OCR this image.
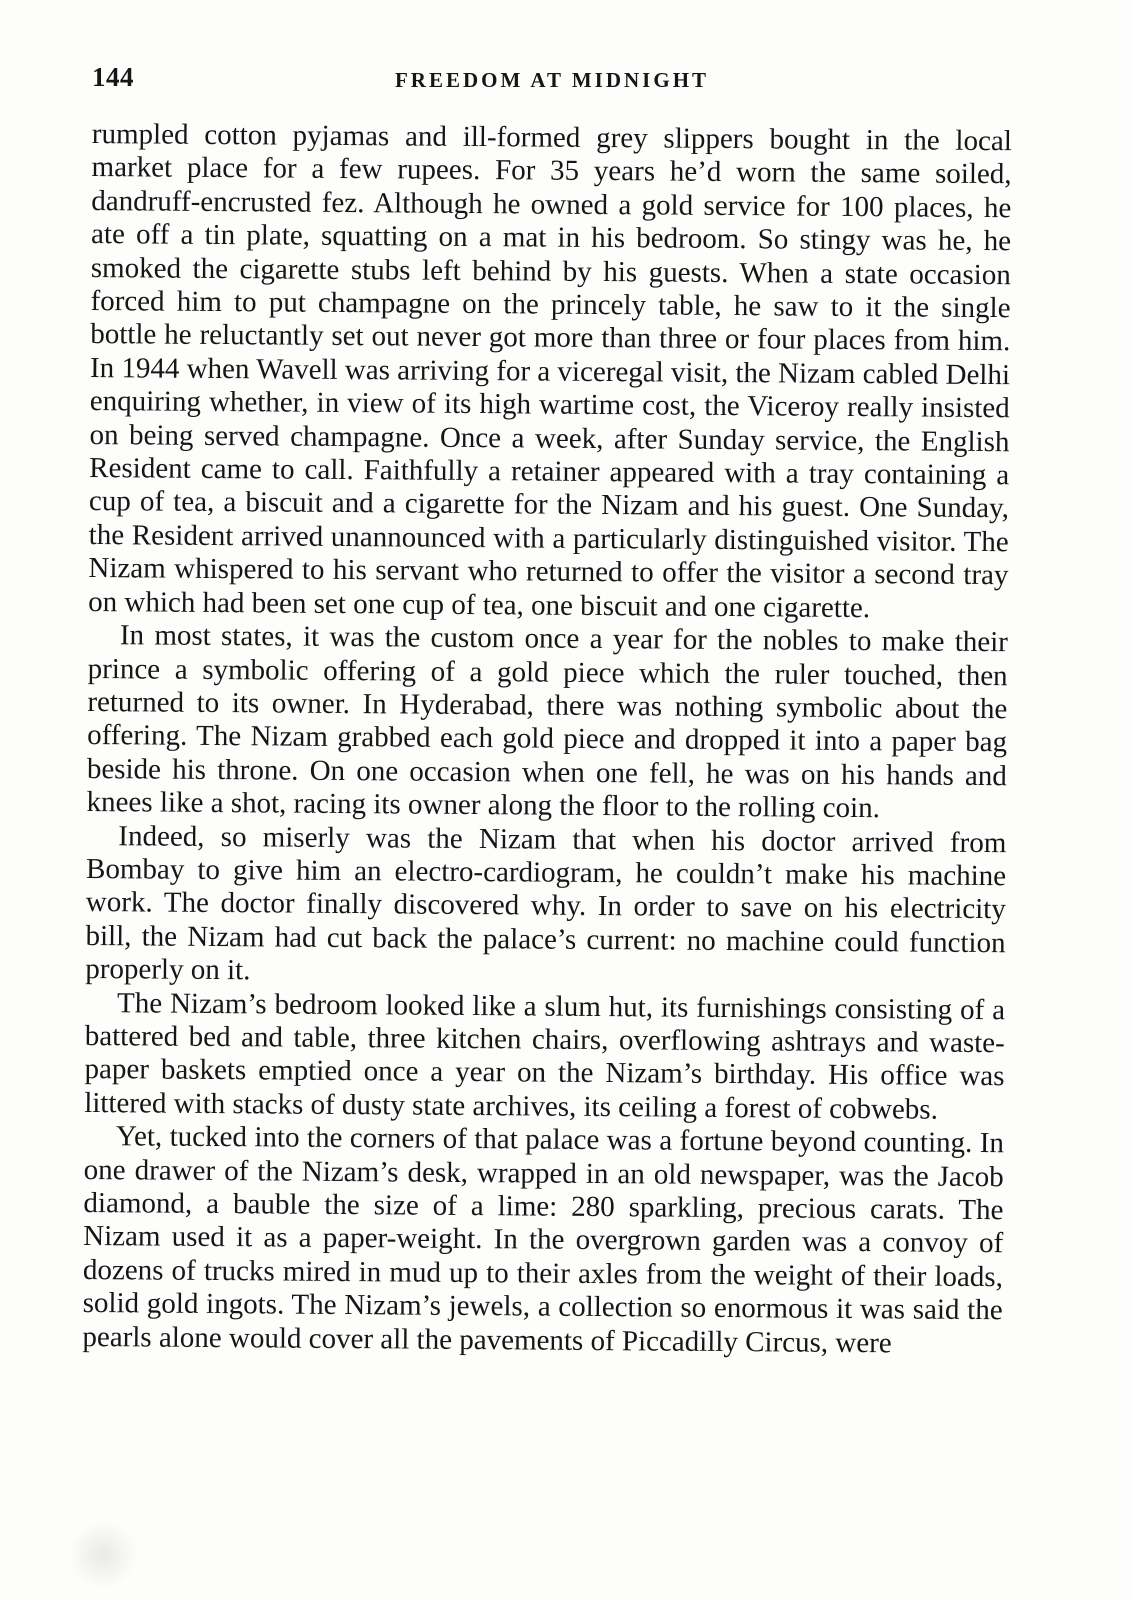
144	FREEDOM AT MIDNIGHT

rumpled cotton pyjamas and ill-formed grey slippers bought in the local market place for a few rupees. For 35 years he’d worn the same soiled, dandruff-encrusted fez. Although he owned a gold service for 100 places, he ate off a tin plate, squatting on a mat in his bedroom. So stingy was he, he smoked the cigarette stubs left behind by his guests. When a state occasion forced him to put champagne on the princely table, he saw to it the single bottle he reluctantly set out never got more than three or four places from him. In 1944 when Wavell was arriving for a viceregal visit, the Nizam cabled Delhi enquiring whether, in view of its high wartime cost, the Viceroy really insisted on being served champagne. Once a week, after Sunday service, the English Resident came to call. Faithfully a retainer appeared with a tray containing a cup of tea, a biscuit and a cigarette for the Nizam and his guest. One Sunday, the Resident arrived unannounced with a particularly distinguished visitor. The Nizam whispered to his servant who returned to offer the visitor a second tray on which had been set one cup of tea, one biscuit and one cigarette.

In most states, it was the custom once a year for the nobles to make their prince a symbolic offering of a gold piece which the ruler touched, then returned to its owner. In Hyderabad, there was nothing symbolic about the offering. The Nizam grabbed each gold piece and dropped it into a paper bag beside his throne. On one occasion when one fell, he was on his hands and knees like a shot, racing its owner along the floor to the rolling coin.

Indeed, so miserly was the Nizam that when his doctor arrived from Bombay to give him an electro-cardiogram, he couldn’t make his machine work. The doctor finally discovered why. In order to save on his electricity bill, the Nizam had cut back the palace’s current: no machine could function properly on it.

The Nizam’s bedroom looked like a slum hut, its furnishings consisting of a battered bed and table, three kitchen chairs, overflowing ashtrays and waste-paper baskets emptied once a year on the Nizam’s birthday. His office was littered with stacks of dusty state archives, its ceiling a forest of cobwebs.

Yet, tucked into the corners of that palace was a fortune beyond counting. In one drawer of the Nizam’s desk, wrapped in an old newspaper, was the Jacob diamond, a bauble the size of a lime: 280 sparkling, precious carats. The Nizam used it as a paper-weight. In the overgrown garden was a convoy of dozens of trucks mired in mud up to their axles from the weight of their loads, solid gold ingots. The Nizam’s jewels, a collection so enormous it was said the pearls alone would cover all the pavements of Piccadilly Circus, were
